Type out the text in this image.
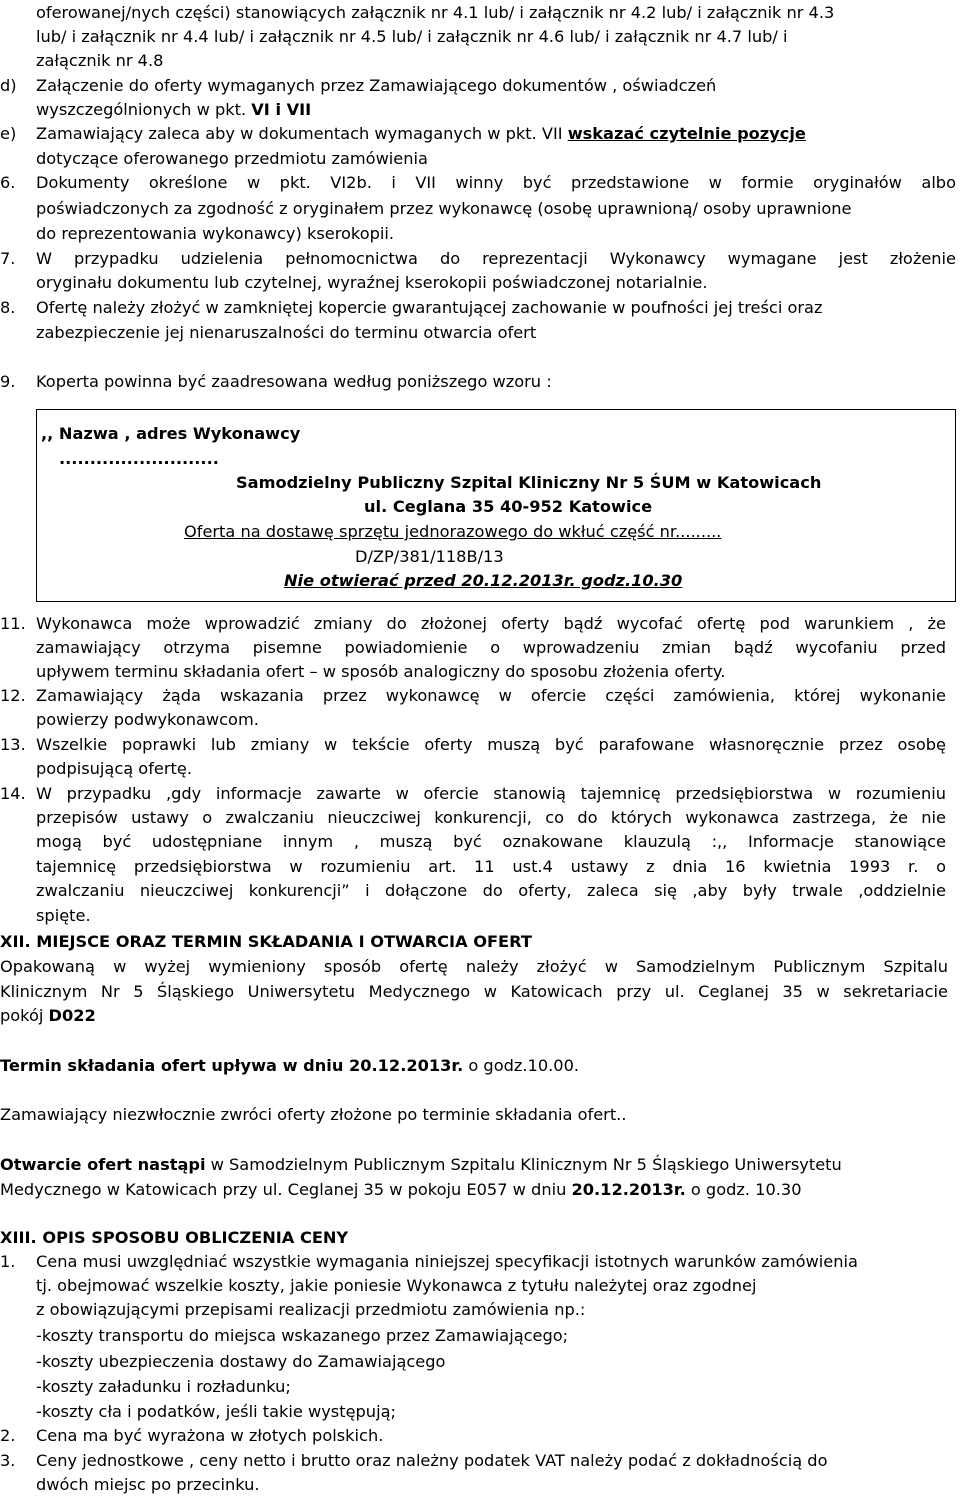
oferowanej/nych części) stanowiących załącznik nr 4.1 lub/ i załącznik nr 4.2 lub/ i załącznik nr 4.3
lub/ i załącznik nr 4.4 lub/ i załącznik nr 4.5 lub/ i załącznik nr 4.6 lub/ i załącznik nr 4.7 lub/ i
załącznik nr 4.8
d) Załączenie do oferty wymaganych przez Zamawiającego dokumentów , oświadczeń
wyszczególnionych w pkt. VI i VII
e) Zamawiający zaleca aby w dokumentach wymaganych w pkt. VII wskazać czytelnie pozycje
dotyczące oferowanego przedmiotu zamówienia
6. Dokumenty określone w pkt. VI2b. i VII winny być przedstawione w formie oryginałów albo
poświadczonych za zgodność z oryginałem przez wykonawcę (osobę uprawnioną/ osoby uprawnione
do reprezentowania wykonawcy) kserokopii.
7. W przypadku udzielenia pełnomocnictwa do reprezentacji Wykonawcy wymagane jest złożenie
oryginału dokumentu lub czytelnej, wyraźnej kserokopii poświadczonej notarialnie.
8. Ofertę należy złożyć w zamkniętej kopercie gwarantującej zachowanie w poufności jej treści oraz
zabezpieczenie jej nienaruszalności do terminu otwarcia ofert
9. Koperta powinna być zaadresowana według poniższego wzoru :
,, Nazwa , adres Wykonawcy
..........................
Samodzielny Publiczny Szpital Kliniczny Nr 5 ŚUM w Katowicach
ul. Ceglana 35 40-952 Katowice
Oferta na dostawę sprzętu jednorazowego do wkłuć część nr.........
D/ZP/381/118B/13
Nie otwierać przed 20.12.2013r. godz.10.30
11. Wykonawca może wprowadzić zmiany do złożonej oferty bądź wycofać ofertę pod warunkiem , że
zamawiający otrzyma pisemne powiadomienie o wprowadzeniu zmian bądź wycofaniu przed
upływem terminu składania ofert – w sposób analogiczny do sposobu złożenia oferty.
12. Zamawiający żąda wskazania przez wykonawcę w ofercie części zamówienia, której wykonanie
powierzy podwykonawcom.
13. Wszelkie poprawki lub zmiany w tekście oferty muszą być parafowane własnoręcznie przez osobę
podpisującą ofertę.
14. W przypadku ,gdy informacje zawarte w ofercie stanowią tajemnicę przedsiębiorstwa w rozumieniu
przepisów ustawy o zwalczaniu nieuczciwej konkurencji, co do których wykonawca zastrzega, że nie
mogą być udostępniane innym , muszą być oznakowane klauzulą :,, Informacje stanowiące
tajemnicę przedsiębiorstwa w rozumieniu art. 11 ust.4 ustawy z dnia 16 kwietnia 1993 r. o
zwalczaniu nieuczciwej konkurencji” i dołączone do oferty, zaleca się ,aby były trwale ,oddzielnie
spięte.
XII. MIEJSCE ORAZ TERMIN SKŁADANIA I OTWARCIA OFERT
Opakowaną w wyżej wymieniony sposób ofertę należy złożyć w Samodzielnym Publicznym Szpitalu
Klinicznym Nr 5 Śląskiego Uniwersytetu Medycznego w Katowicach przy ul. Ceglanej 35 w sekretariacie
pokój D022
Termin składania ofert upływa w dniu 20.12.2013r. o godz.10.00.
Zamawiający niezwłocznie zwróci oferty złożone po terminie składania ofert..
Otwarcie ofert nastąpi w Samodzielnym Publicznym Szpitalu Klinicznym Nr 5 Śląskiego Uniwersytetu
Medycznego w Katowicach przy ul. Ceglanej 35 w pokoju E057 w dniu 20.12.2013r. o godz. 10.30
XIII. OPIS SPOSOBU OBLICZENIA CENY
1. Cena musi uwzględniać wszystkie wymagania niniejszej specyfikacji istotnych warunków zamówienia
tj. obejmować wszelkie koszty, jakie poniesie Wykonawca z tytułu należytej oraz zgodnej
z obowiązującymi przepisami realizacji przedmiotu zamówienia np.:
-koszty transportu do miejsca wskazanego przez Zamawiającego;
-koszty ubezpieczenia dostawy do Zamawiającego
-koszty załadunku i rozładunku;
-koszty cła i podatków, jeśli takie występują;
2. Cena ma być wyrażona w złotych polskich.
3. Ceny jednostkowe , ceny netto i brutto oraz należny podatek VAT należy podać z dokładnością do
dwóch miejsc po przecinku.
